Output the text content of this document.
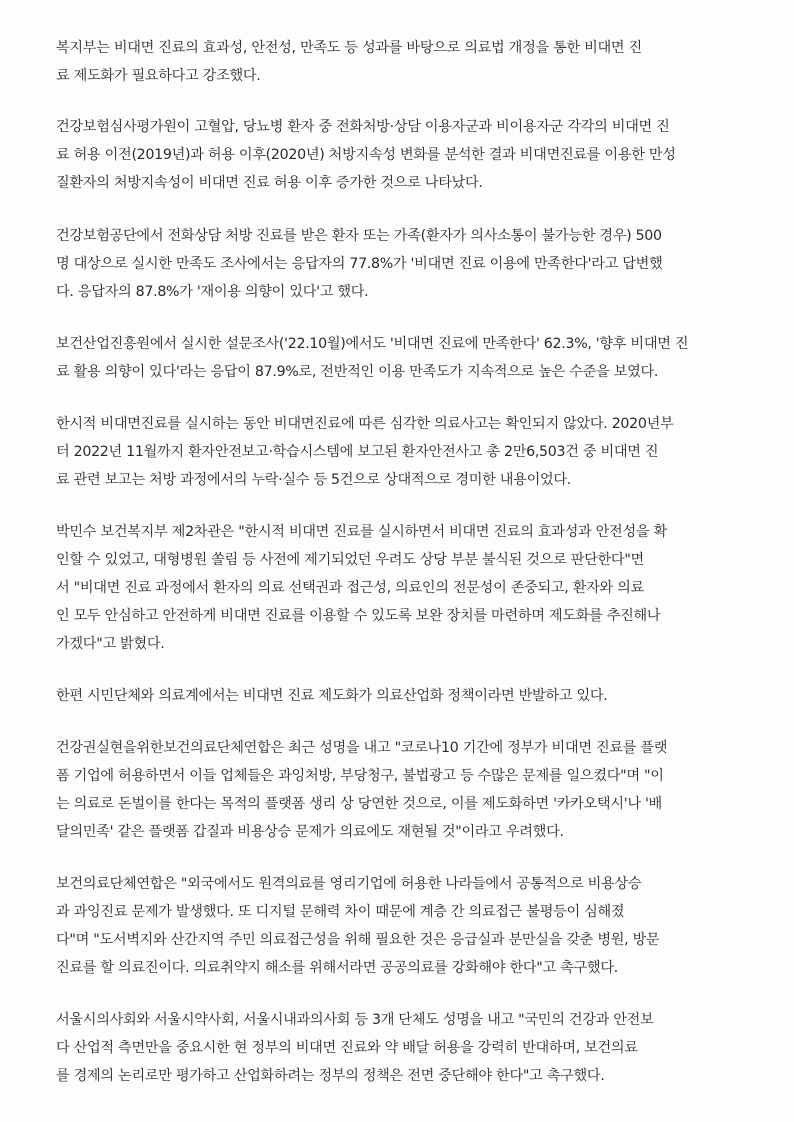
복지부는 비대면 진료의 효과성, 안전성, 만족도 등 성과를 바탕으로 의료법 개정을 통한 비대면 진
료 제도화가 필요하다고 강조했다.
건강보험심사평가원이 고혈압, 당뇨병 환자 중 전화처방·상담 이용자군과 비이용자군 각각의 비대면 진
료 허용 이전(2019년)과 허용 이후(2020년) 처방지속성 변화를 분석한 결과 비대면진료를 이용한 만성
질환자의 처방지속성이 비대면 진료 허용 이후 증가한 것으로 나타났다.
건강보험공단에서 전화상담 처방 진료를 받은 환자 또는 가족(환자가 의사소통이 불가능한 경우) 500
명 대상으로 실시한 만족도 조사에서는 응답자의 77.8%가 '비대면 진료 이용에 만족한다'라고 답변했
다. 응답자의 87.8%가 '재이용 의향이 있다'고 했다.
보건산업진흥원에서 실시한 설문조사('22.10월)에서도 '비대면 진료에 만족한다' 62.3%, '향후 비대면 진
료 활용 의향이 있다'라는 응답이 87.9%로, 전반적인 이용 만족도가 지속적으로 높은 수준을 보였다.
한시적 비대면진료를 실시하는 동안 비대면진료에 따른 심각한 의료사고는 확인되지 않았다. 2020년부
터 2022년 11월까지 환자안전보고·학습시스템에 보고된 환자안전사고 총 2만6,503건 중 비대면 진
료 관련 보고는 처방 과정에서의 누락·실수 등 5건으로 상대적으로 경미한 내용이었다.
박민수 보건복지부 제2차관은 "한시적 비대면 진료를 실시하면서 비대면 진료의 효과성과 안전성을 확
인할 수 있었고, 대형병원 쏠림 등 사전에 제기되었던 우려도 상당 부분 불식된 것으로 판단한다"면
서 "비대면 진료 과정에서 환자의 의료 선택권과 접근성, 의료인의 전문성이 존중되고, 환자와 의료
인 모두 안심하고 안전하게 비대면 진료를 이용할 수 있도록 보완 장치를 마련하며 제도화를 추진해나
가겠다"고 밝혔다.
한편 시민단체와 의료계에서는 비대면 진료 제도화가 의료산업화 정책이라면 반발하고 있다.
건강권실현을위한보건의료단체연합은 최근 성명을 내고 "코로나10 기간에 정부가 비대면 진료를 플랫
폼 기업에 허용하면서 이들 업체들은 과잉처방, 부당청구, 불법광고 등 수많은 문제를 일으켰다"며 "이
는 의료로 돈벌이를 한다는 목적의 플랫폼 생리 상 당연한 것으로, 이를 제도화하면 '카카오택시'나 '배
달의민족' 같은 플랫폼 갑질과 비용상승 문제가 의료에도 재현될 것"이라고 우려했다.
보건의료단체연합은 "외국에서도 원격의료를 영리기업에 허용한 나라들에서 공통적으로 비용상승
과 과잉진료 문제가 발생했다. 또 디지털 문해력 차이 때문에 계층 간 의료접근 불평등이 심해졌
다"며 "도서벽지와 산간지역 주민 의료접근성을 위해 필요한 것은 응급실과 분만실을 갖춘 병원, 방문
진료를 할 의료진이다. 의료취약지 해소를 위해서라면 공공의료를 강화해야 한다"고 촉구했다.
서울시의사회와 서울시약사회, 서울시내과의사회 등 3개 단체도 성명을 내고 "국민의 건강과 안전보
다 산업적 측면만을 중요시한 현 정부의 비대면 진료와 약 배달 허용을 강력히 반대하며, 보건의료
를 경제의 논리로만 평가하고 산업화하려는 정부의 정책은 전면 중단해야 한다"고 촉구했다.
